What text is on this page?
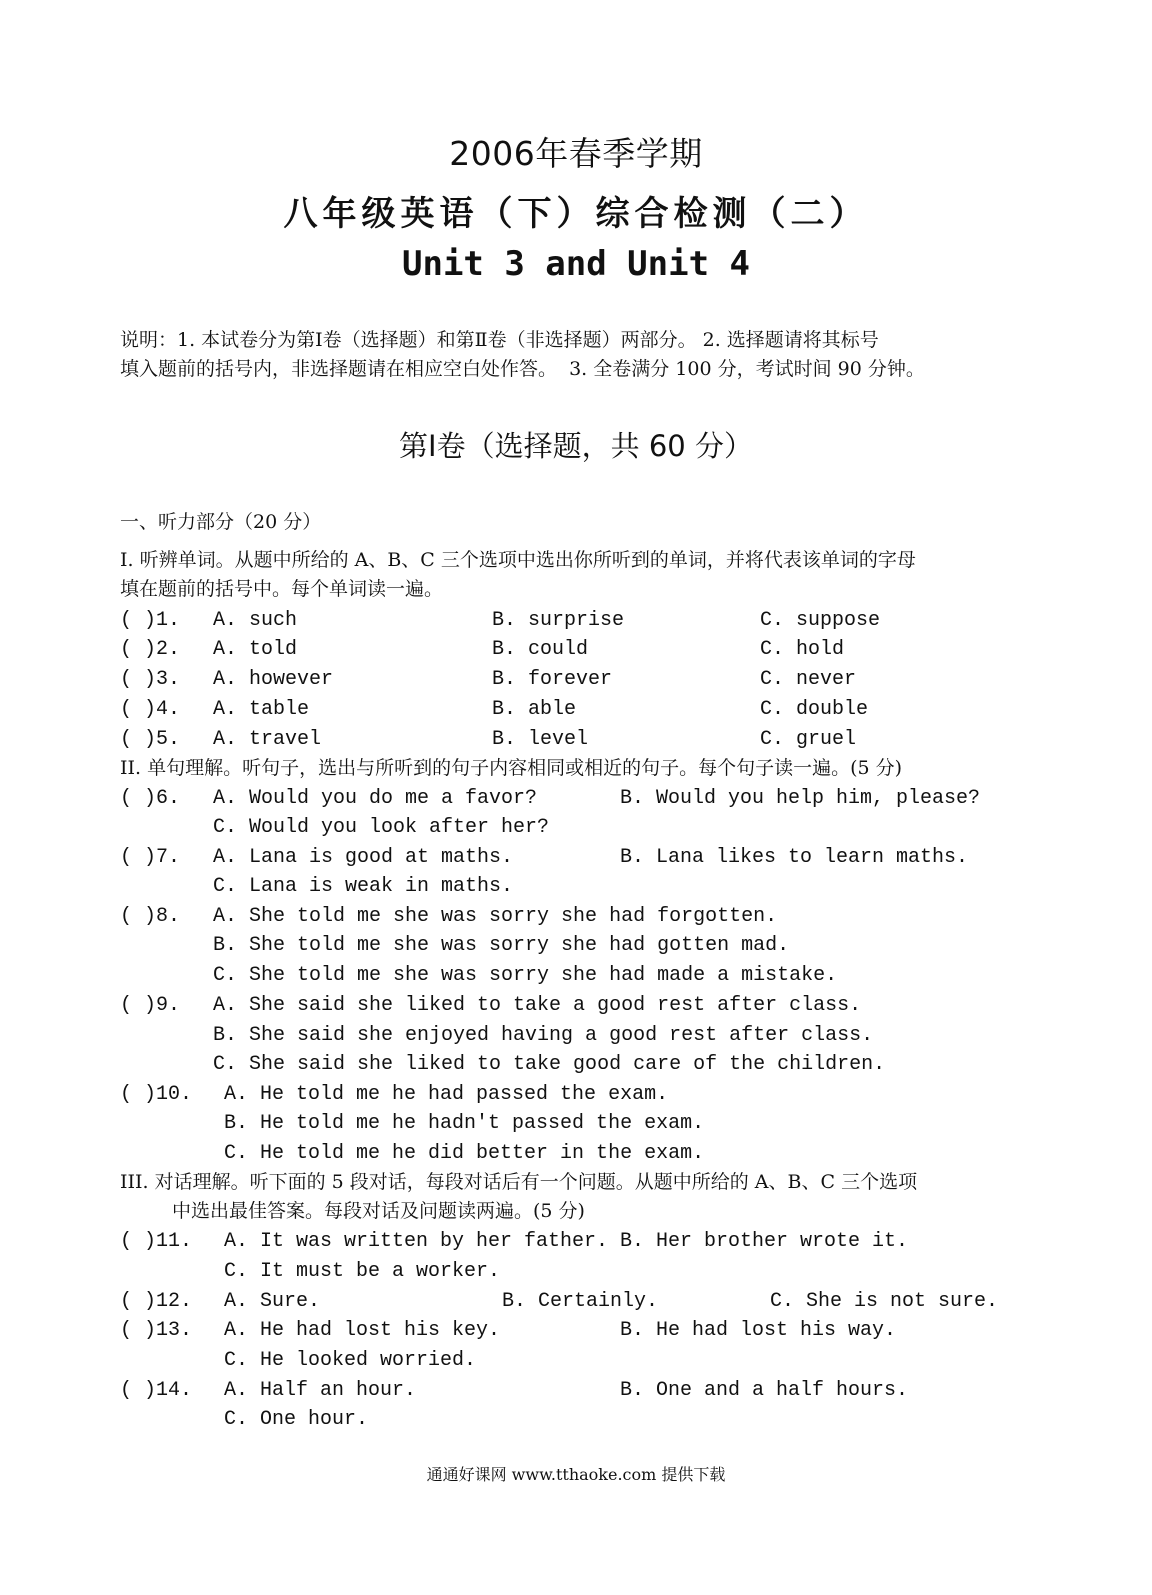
2006年春季学期
八年级英语（下）综合检测（二）
Unit 3 and Unit 4

说明：1. 本试卷分为第Ⅰ卷（选择题）和第Ⅱ卷（非选择题）两部分。 2. 选择题请将其标号

填入题前的括号内，非选择题请在相应空白处作答。  3. 全卷满分 100 分，考试时间 90 分钟。

第Ⅰ卷（选择题，共 60 分）
一、听力部分（20 分）
I. 听辨单词。从题中所给的 A、B、C 三个选项中选出你所听到的单词，并将代表该单词的字母
填在题前的括号中。每个单词读一遍。
( )1. A. such	B. surprise	C. suppose
( )2. A. told	B. could	C. hold
( )3. A. however	B. forever	C. never
( )4. A. table	B. able	C. double
( )5. A. travel	B. level	C. gruel
II. 单句理解。听句子，选出与所听到的句子内容相同或相近的句子。每个句子读一遍。(5 分)
( )6. A. Would you do me a favor?	B. Would you help him, please?
C. Would you look after her?
( )7. A. Lana is good at maths.	B. Lana likes to learn maths.
C. Lana is weak in maths.
( )8. A. She told me she was sorry she had forgotten.
B. She told me she was sorry she had gotten mad.
C. She told me she was sorry she had made a mistake.
( )9. A. She said she liked to take a good rest after class.
B. She said she enjoyed having a good rest after class.
C. She said she liked to take good care of the children.
( )10. A. He told me he had passed the exam.
B. He told me he hadn't passed the exam.
C. He told me he did better in the exam.
III. 对话理解。听下面的 5 段对话，每段对话后有一个问题。从题中所给的 A、B、C 三个选项
中选出最佳答案。每段对话及问题读两遍。(5 分)
( )11. A. It was written by her father. B. Her brother wrote it.
C. It must be a worker.
( )12. A. Sure.	B. Certainly.	C. She is not sure.
( )13. A. He had lost his key.	B. He had lost his way.
C. He looked worried.
( )14. A. Half an hour.	B. One and a half hours.
C. One hour.
通通好课网 www.tthaoke.com 提供下载
